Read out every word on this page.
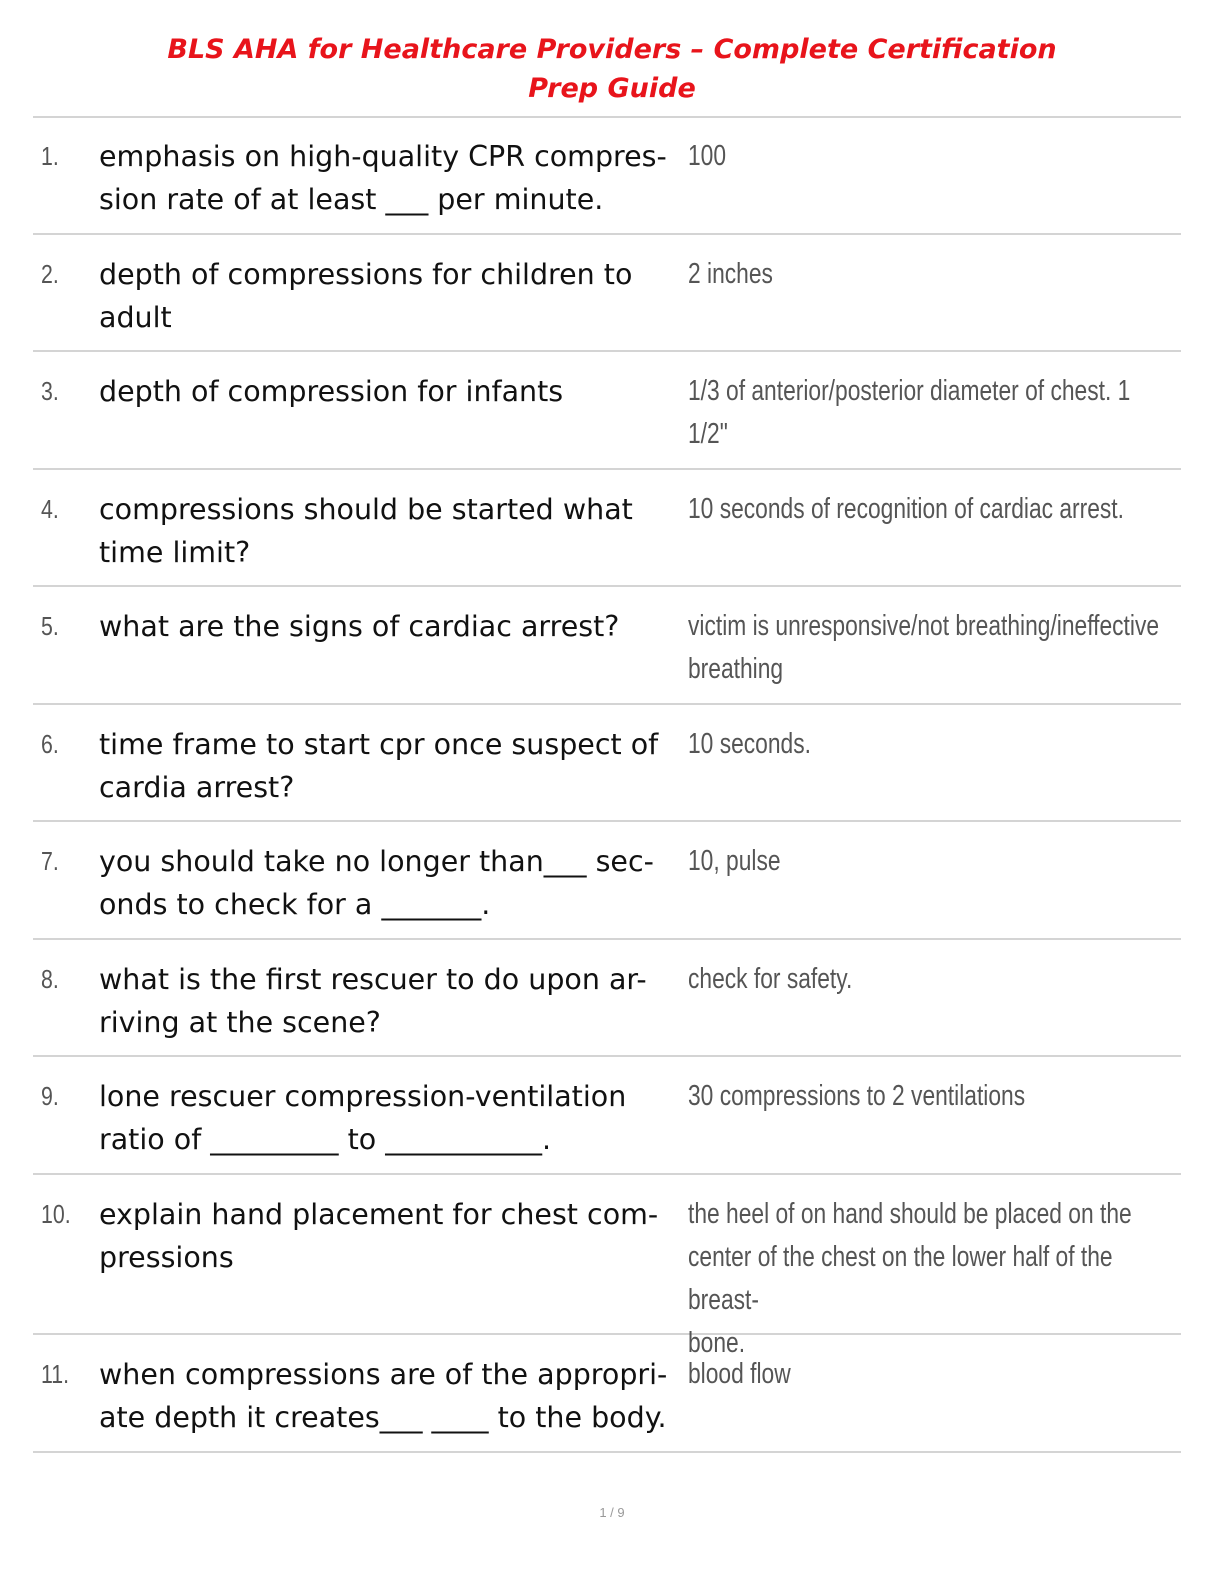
BLS AHA for Healthcare Providers – Complete Certification
Prep Guide
1. emphasis on high-quality CPR compres-
sion rate of at least ___ per minute.
100
2. depth of compressions for children to
adult
2 inches
3. depth of compression for infants	1/3 of anterior/posterior diameter of chest. 1
1/2"
4. compressions should be started what
time limit?
10 seconds of recognition of cardiac arrest.
5. what are the signs of cardiac arrest?	victim is unresponsive/not breathing/ineffective
breathing
6. time frame to start cpr once suspect of
cardia arrest?
10 seconds.
7. you should take no longer than___ sec-
onds to check for a _______.
10, pulse
8. what is the first rescuer to do upon ar-
riving at the scene?
check for safety.
9. lone rescuer compression-ventilation
ratio of _________ to ___________.
30 compressions to 2 ventilations
10. explain hand placement for chest com-
pressions
the heel of on hand should be placed on the
center of the chest on the lower half of the breast-
bone.
11. when compressions are of the appropri-
ate depth it creates___ ____ to the body.
blood flow
1 / 9
